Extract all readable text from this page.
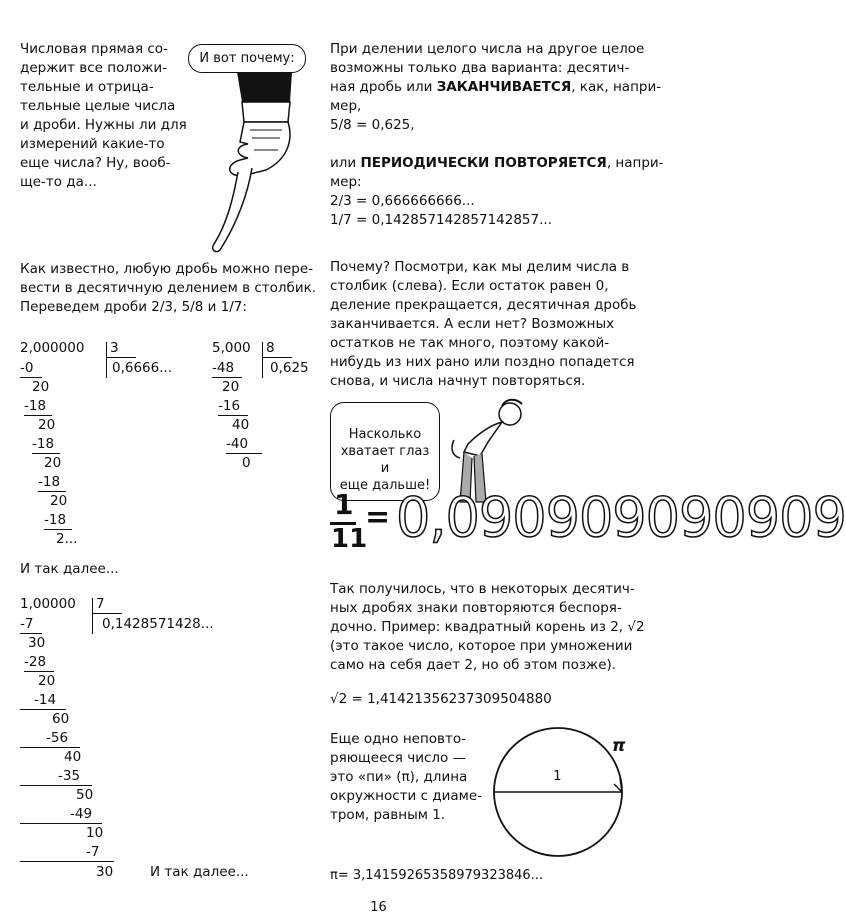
Числовая прямая со-
держит все положи-
тельные и отрица-
тельные целые числа
и дроби. Нужны ли для
измерений какие-то
еще числа? Ну, вооб-
ще-то да...
И вот почему:
При делении целого числа на другое целое
возможны только два варианта: десятич-
ная дробь или ЗАКАНЧИВАЕТСЯ, как, напри-
мер,
5/8 = 0,625,
или ПЕРИОДИЧЕСКИ ПОВТОРЯЕТСЯ, напри-
мер:
2/3 = 0,666666666...
1/7 = 0,142857142857142857...
Как известно, любую дробь можно пере-
вести в десятичную делением в столбик.
Переведем дроби 2/3, 5/8 и 1/7:
Почему? Посмотри, как мы делим числа в
столбик (слева). Если остаток равен 0,
деление прекращается, десятичная дробь
заканчивается. А если нет? Возможных
остатков не так много, поэтому какой-
нибудь из них рано или поздно попадется
снова, и числа начнут повторяться.
2,000000 3
0,6666...
-0
20
-18
20
-18
20
-18
20
-18
2...
5,000 8
0,625
-48
20
-16
40
-40
0
И так далее...
1,00000 7
0,1428571428...
-7
30
-28
20
-14
60
-56
40
-35
50
-49
10
-7
30	И так далее...

Насколько
хватает глаз и
еще дальше!

1
11
= 0,090909090909
Так получилось, что в некоторых десятич-
ных дробях знаки повторяются беспоря-
дочно. Пример: квадратный корень из 2, √2
(это такое число, которое при умножении
само на себя дает 2, но об этом позже).
√2 = 1,41421356237309504880
Еще одно неповто-
ряющееся число —
это «пи» (π), длина
окружности с диаме-
тром, равным 1.
π
1
π= 3,14159265358979323846...
16
